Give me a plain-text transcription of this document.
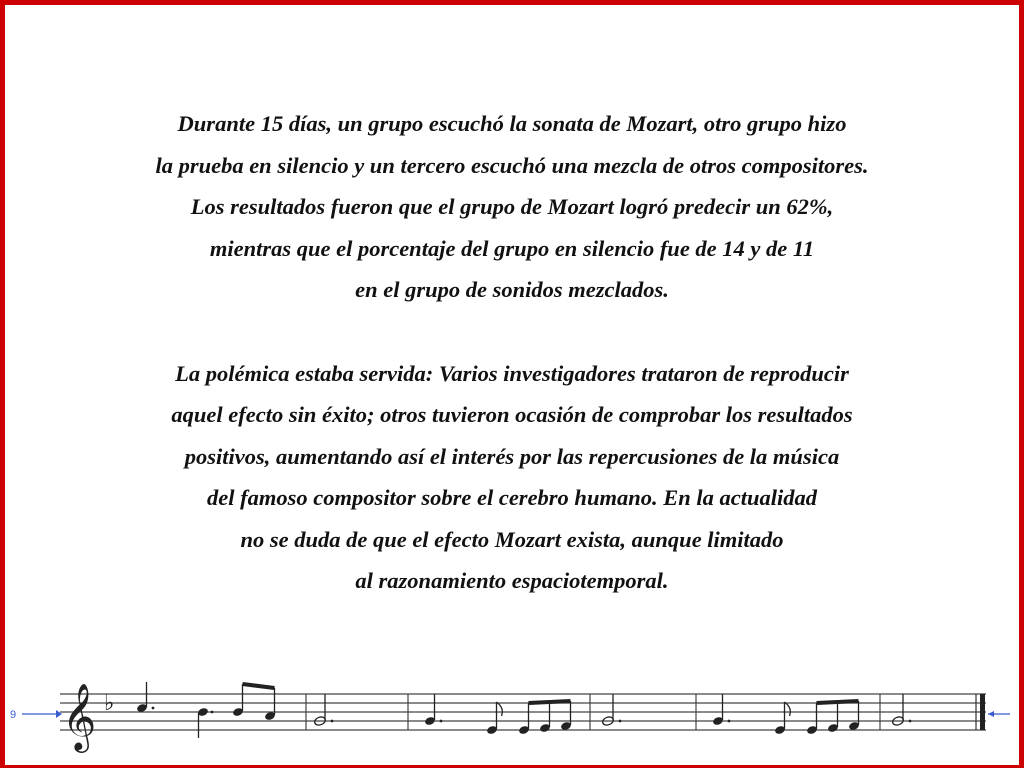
Durante 15 días, un grupo escuchó la sonata de Mozart, otro grupo hizo
la prueba en silencio y un tercero escuchó una mezcla de otros compositores.
Los resultados fueron que el grupo de Mozart logró predecir un 62%,
mientras que el porcentaje del grupo en silencio fue de 14 y de 11
en el grupo de sonidos mezclados.
La polémica estaba servida: Varios investigadores trataron de reproducir
aquel efecto sin éxito; otros tuvieron ocasión de comprobar los resultados
positivos, aumentando así el interés por las repercusiones de la música
del famoso compositor sobre el cerebro humano. En la actualidad
no se duda de que el efecto Mozart exista, aunque limitado
al razonamiento espaciotemporal.
9 𝄞 ♭
